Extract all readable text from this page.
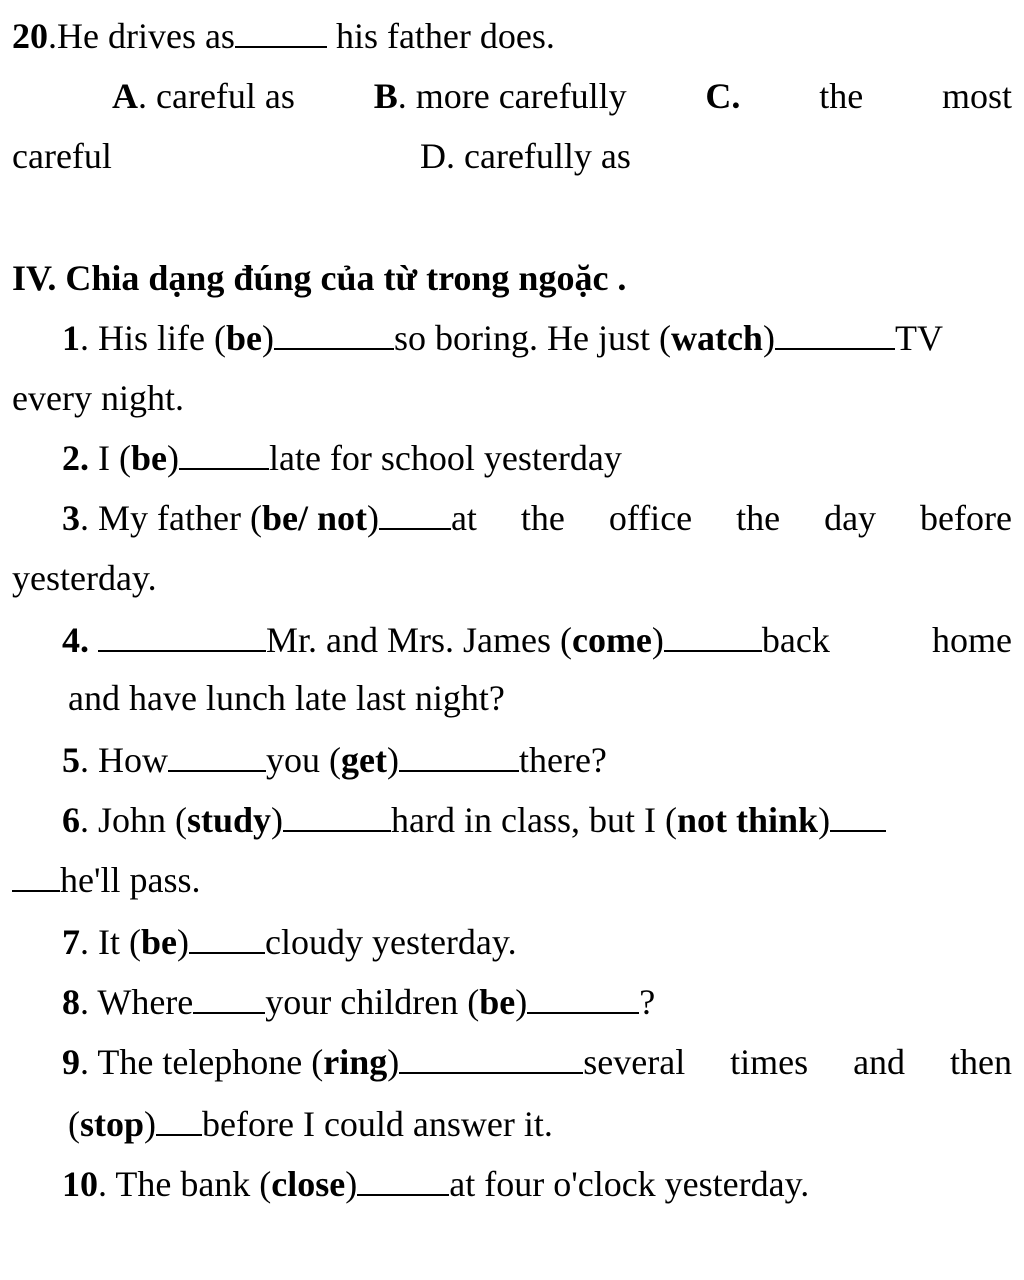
20.He drives as	his father does.
A. careful as B. more carefully C. the most
careful	D. carefully as
IV. Chia dạng đúng của từ trong ngoặc .
1. His life (be)	so boring. He just (watch)	TV
every night.
2. I (be)	late for school yesterday
3. My father (be/ not) at the office the day before
yesterday.
4.	Mr. and Mrs. James (come)	back	home
and have lunch late last night?
5. How	you (get)	there?
6. John (study)	hard in class, but I (not think)
he'll pass.
7. It (be) cloudy yesterday.
8. Where your children (be)	?
9. The telephone (ring)	several times and then
(stop) before I could answer it.
10. The bank (close)	at four o'clock yesterday.
